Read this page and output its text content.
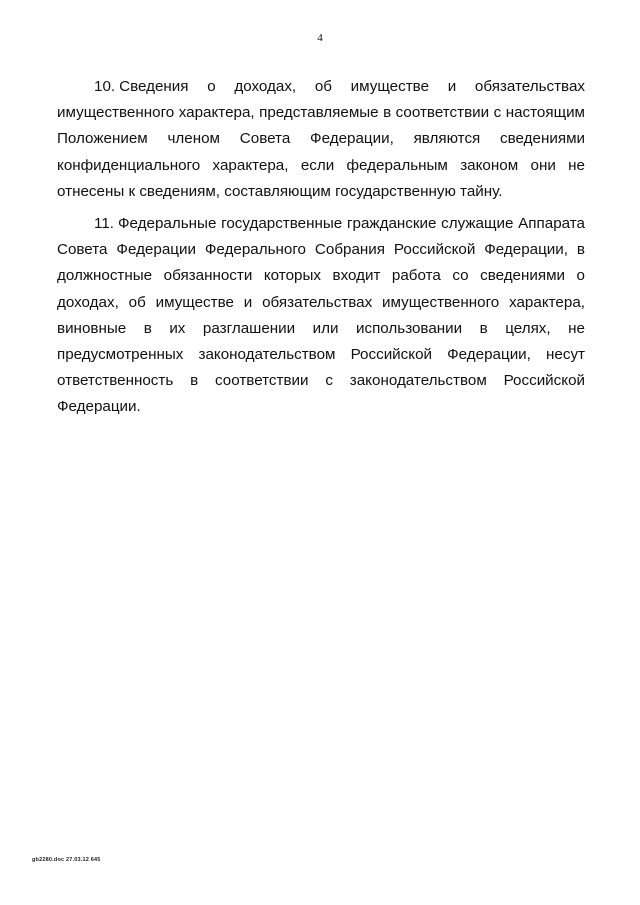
4

10. Сведения о доходах, об имуществе и обязательствах имущественного характера, представляемые в соответствии с настоящим Положением членом Совета Федерации, являются сведениями конфиденциального характера, если федеральным законом они не отнесены к сведениям, составляющим государственную тайну.

11. Федеральные государственные гражданские служащие Аппарата Совета Федерации Федерального Собрания Российской Федерации, в должностные обязанности которых входит работа со сведениями о доходах, об имуществе и обязательствах имущественного характера, виновные в их разглашении или использовании в целях, не предусмотренных законодательством Российской Федерации, несут ответственность в соответствии с законодательством Российской Федерации.

gb2280.doc 27.03.12 645
